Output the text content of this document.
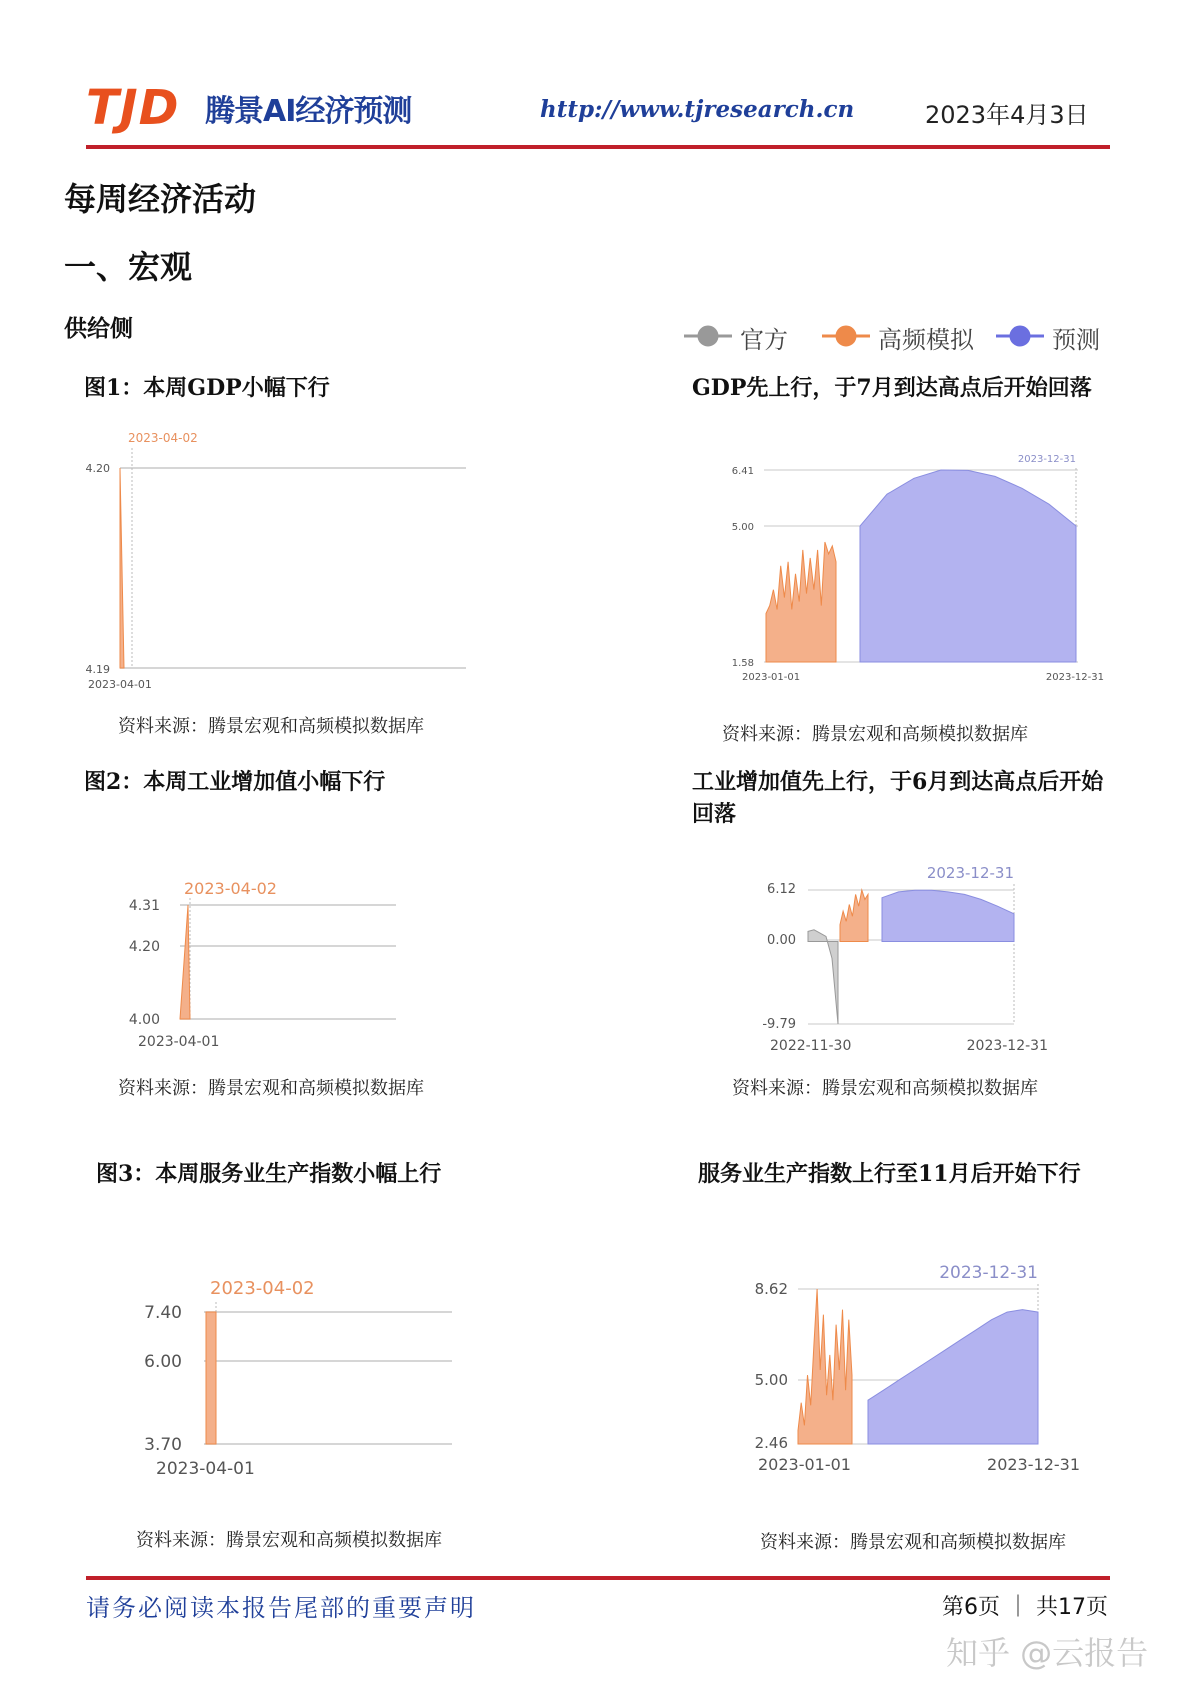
TJD 腾景AI经济预测	http://www.tjresearch.cn	2023年4月3日
每周经济活动
一、宏观
供给侧	官方	高频模拟	预测
图1：本周GDP小幅下行	GDP先上行，于7月到达高点后开始回落
图2：本周工业增加值小幅下行	工业增加值先上行，于6月到达高点后开始回落
图3：本周服务业生产指数小幅上行	服务业生产指数上行至11月后开始下行
2023-04-02
4.20
4.19
2023-04-01
资料来源：腾景宏观和高频模拟数据库
2023-12-31
6.41
5.00
1.58
2023-01-01	2023-12-31
资料来源：腾景宏观和高频模拟数据库
2023-04-02
4.31
4.20
4.00
2023-04-01
资料来源：腾景宏观和高频模拟数据库
2023-12-31
6.12
0.00
-9.79
2022-11-30	2023-12-31
资料来源：腾景宏观和高频模拟数据库
2023-04-02
7.40
6.00
3.70
2023-04-01
资料来源：腾景宏观和高频模拟数据库
2023-12-31
8.62
5.00
2.46
2023-01-01	2023-12-31
资料来源：腾景宏观和高频模拟数据库
请务必阅读本报告尾部的重要声明	第6页 ｜ 共17页
知乎 @云报告
